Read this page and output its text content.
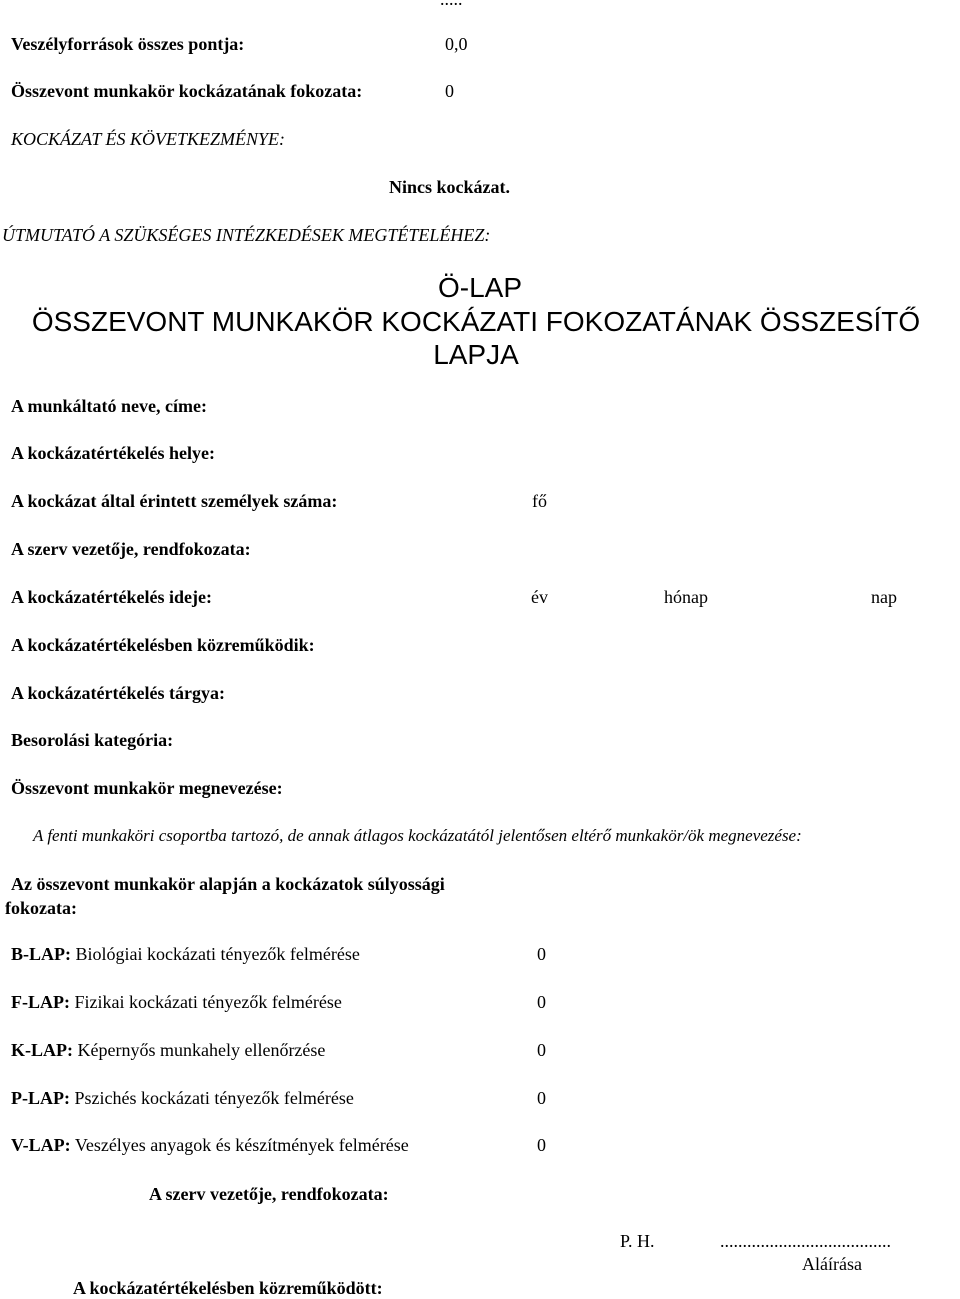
Veszélyforrások összes pontja:	0,0
Összevont munkakör kockázatának fokozata:	0
KOCKÁZAT ÉS KÖVETKEZMÉNYE:
Nincs kockázat.
ÚTMUTATÓ A SZÜKSÉGES INTÉZKEDÉSEK MEGTÉTELÉHEZ:
Ö-LAP
ÖSSZEVONT MUNKAKÖR KOCKÁZATI FOKOZATÁNAK ÖSSZESÍTŐ
LAPJA
A munkáltató neve, címe:
A kockázatértékelés helye:
A kockázat által érintett személyek száma:	fő
A szerv vezetője, rendfokozata:
A kockázatértékelés ideje:	év	hónap	nap
A kockázatértékelésben közreműködik:
A kockázatértékelés tárgya:
Besorolási kategória:
Összevont munkakör megnevezése:
A fenti munkaköri csoportba tartozó, de annak átlagos kockázatától jelentősen eltérő munkakör/ök megnevezése:
Az összevont munkakör alapján a kockázatok súlyossági
fokozata:
B-LAP: Biológiai kockázati tényezők felmérése	0
F-LAP: Fizikai kockázati tényezők felmérése	0
K-LAP: Képernyős munkahely ellenőrzése	0
P-LAP: Pszichés kockázati tényezők felmérése	0
V-LAP: Veszélyes anyagok és készítmények felmérése	0
A szerv vezetője, rendfokozata:
P. H.	......................................
Aláírása
A kockázatértékelésben közreműködött:
